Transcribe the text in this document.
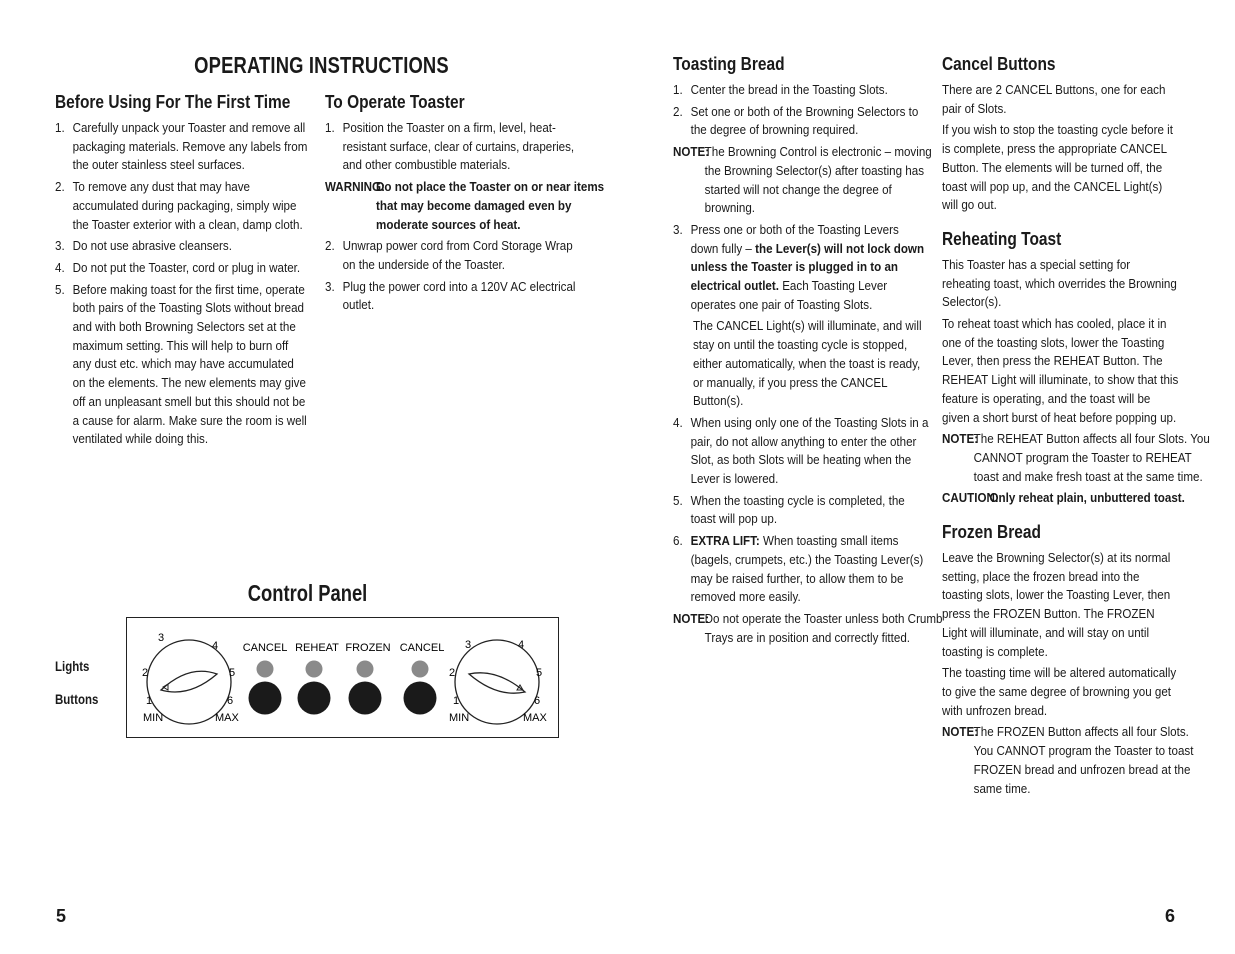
OPERATING INSTRUCTIONS
Before Using For The First Time
1. Carefully unpack your Toaster and remove all packaging materials. Remove any labels from the outer stainless steel surfaces.
2. To remove any dust that may have accumulated during packaging, simply wipe the Toaster exterior with a clean, damp cloth.
3. Do not use abrasive cleansers.
4. Do not put the Toaster, cord or plug in water.
5. Before making toast for the first time, operate both pairs of the Toasting Slots without bread and with both Browning Selectors set at the maximum setting. This will help to burn off any dust etc. which may have accumulated on the elements. The new elements may give off an unpleasant smell but this should not be a cause for alarm. Make sure the room is well ventilated while doing this.
To Operate Toaster
1. Position the Toaster on a firm, level, heat-resistant surface, clear of curtains, draperies, and other combustible materials.
WARNING:
Do not place the Toaster on or near items that may become damaged even by moderate sources of heat.
2. Unwrap power cord from Cord Storage Wrap on the underside of the Toaster.
3. Plug the power cord into a 120V AC electrical outlet.
Control Panel
Lights
Buttons
3
4
2	5
1	6
MIN	MAX
CANCEL REHEAT FROZEN CANCEL 3	4
2	5
1	6
MIN	MAX
5
Toasting Bread
1. Center the bread in the Toasting Slots.
2. Set one or both of the Browning Selectors to the degree of browning required.
NOTE:
The Browning Control is electronic – moving the Browning Selector(s) after toasting has started will not change the degree of browning.
3. Press one or both of the Toasting Levers down fully – the Lever(s) will not lock down unless the Toaster is plugged in to an electrical outlet. Each Toasting Lever operates one pair of Toasting Slots.
The CANCEL Light(s) will illuminate, and will stay on until the toasting cycle is stopped, either automatically, when the toast is ready, or manually, if you press the CANCEL Button(s).
4. When using only one of the Toasting Slots in a pair, do not allow anything to enter the other Slot, as both Slots will be heating when the Lever is lowered.
5. When the toasting cycle is completed, the toast will pop up.
6. EXTRA LIFT: When toasting small items (bagels, crumpets, etc.) the Toasting Lever(s) may be raised further, to allow them to be removed more easily.
NOTE:
Do not operate the Toaster unless both Crumb Trays are in position and correctly fitted.
Cancel Buttons

There are 2 CANCEL Buttons, one for each pair of Slots.

If you wish to stop the toasting cycle before it is complete, press the appropriate CANCEL Button. The elements will be turned off, the toast will pop up, and the CANCEL Light(s) will go out.

Reheating Toast

This Toaster has a special setting for reheating toast, which overrides the Browning Selector(s).

To reheat toast which has cooled, place it in one of the toasting slots, lower the Toasting Lever, then press the REHEAT Button. The REHEAT Light will illuminate, to show that this feature is operating, and the toast will be given a short burst of heat before popping up.

NOTE:
The REHEAT Button affects all four Slots. You CANNOT program the Toaster to REHEAT toast and make fresh toast at the same time.
CAUTION:
Only reheat plain, unbuttered toast.
Frozen Bread

Leave the Browning Selector(s) at its normal setting, place the frozen bread into the toasting slots, lower the Toasting Lever, then press the FROZEN Button. The FROZEN Light will illuminate, and will stay on until toasting is complete.

The toasting time will be altered automatically to give the same degree of browning you get with unfrozen bread.

NOTE:
The FROZEN Button affects all four Slots. You CANNOT program the Toaster to toast FROZEN bread and unfrozen bread at the same time.
6
